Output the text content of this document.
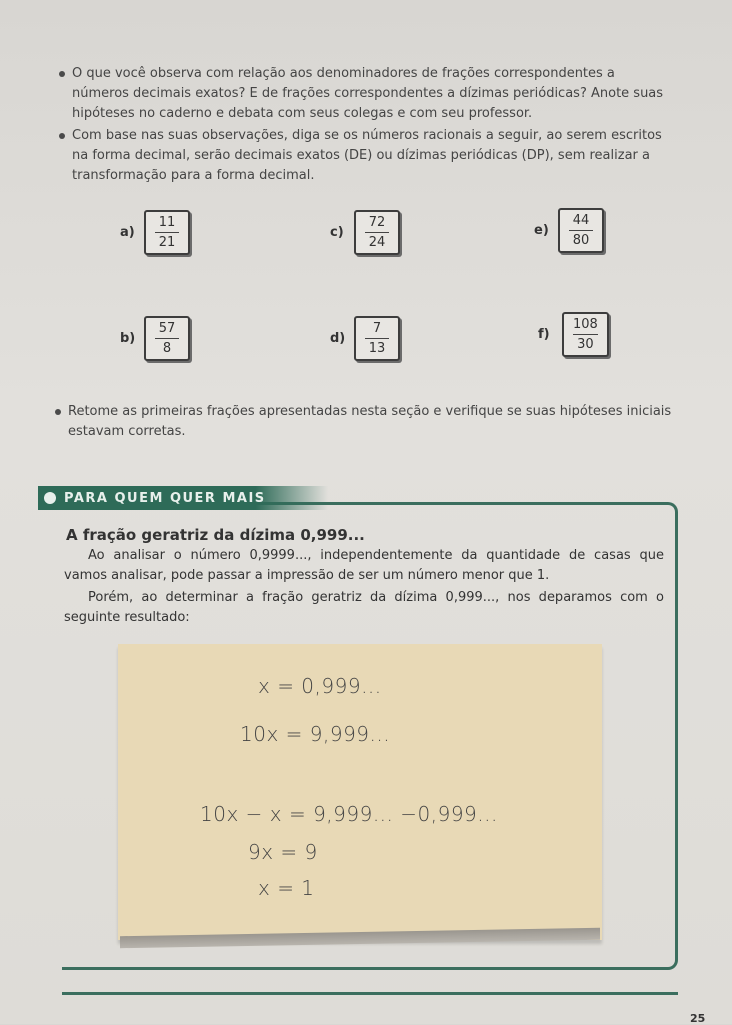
O que você observa com relação aos denominadores de frações correspondentes a números decimais exatos? E de frações correspondentes a dízimas periódicas? Anote suas hipóteses no caderno e debata com seus colegas e com seu professor.
Com base nas suas observações, diga se os números racionais a seguir, ao serem escritos na forma decimal, serão decimais exatos (DE) ou dízimas periódicas (DP), sem realizar a transformação para a forma decimal.
a)
11
21
c)
72
24
e)
44
80
b)
57
8
d)
7
13
f)
108
30
Retome as primeiras frações apresentadas nesta seção e verifique se suas hipóteses iniciais estavam corretas.
PARA QUEM QUER MAIS
A fração geratriz da dízima 0,999...
Ao analisar o número 0,9999..., independentemente da quantidade de casas que vamos analisar, pode passar a impressão de ser um número menor que 1.
Porém, ao determinar a fração geratriz da dízima 0,999..., nos deparamos com o seguinte resultado:
x = 0,999...
10x = 9,999...
10x − x = 9,999... −0,999...
9x = 9
x = 1
25
